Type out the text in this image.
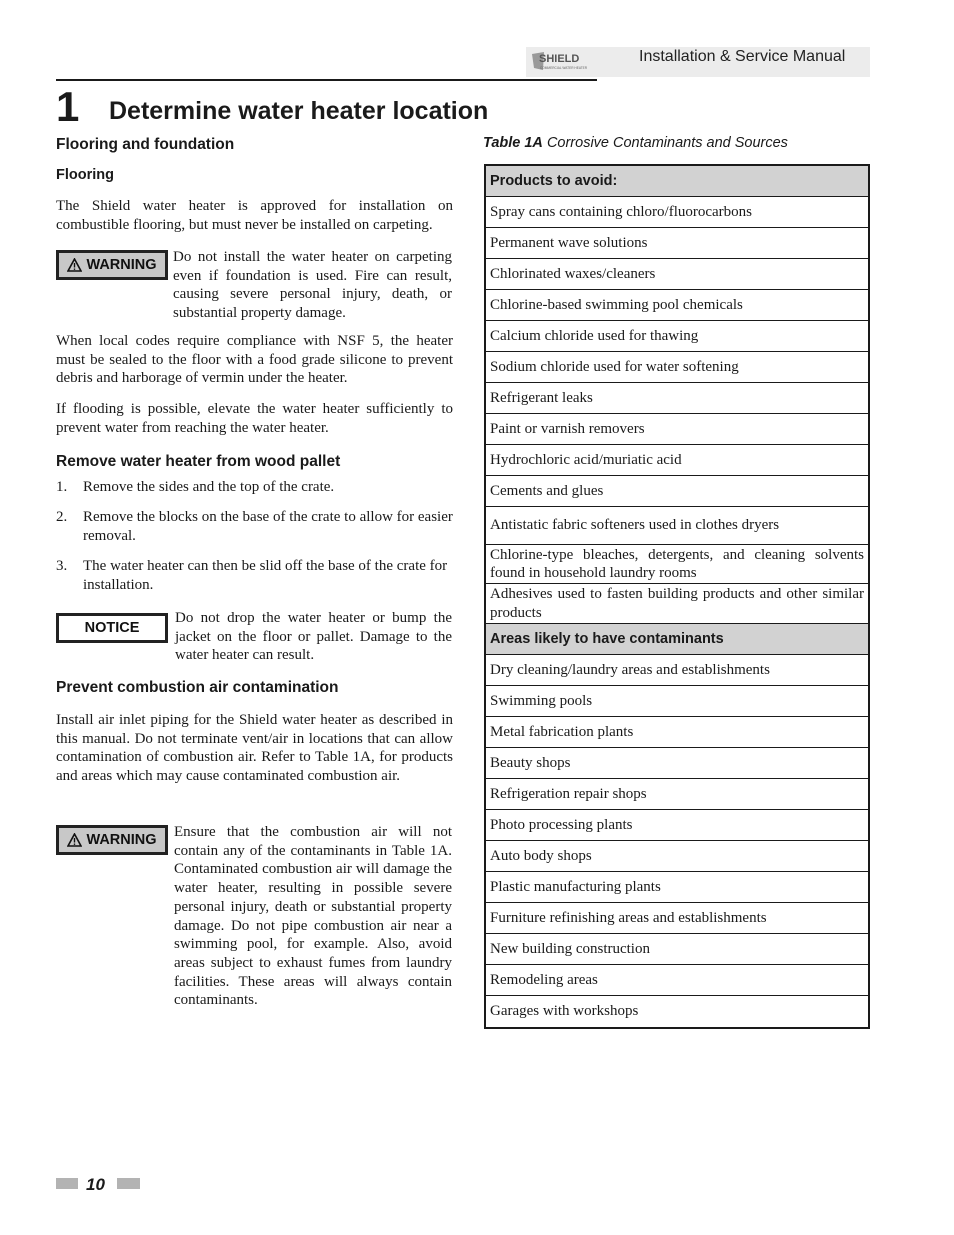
SHIELD
COMMERCIAL WATER HEATER
Installation & Service Manual
1 Determine water heater location
Flooring and foundation
Flooring

The Shield water heater is approved for installation on combustible flooring, but must never be installed on carpeting.

WARNING Do not install the water heater on carpeting even if foundation is used. Fire can result, causing severe personal injury, death, or substantial property damage.

When local codes require compliance with NSF 5, the heater must be sealed to the floor with a food grade silicone to prevent debris and harborage of vermin under the heater.

If flooding is possible, elevate the water heater sufficiently to prevent water from reaching the water heater.

Remove water heater from wood pallet
1. Remove the sides and the top of the crate.
2. Remove the blocks on the base of the crate to allow for easier removal.
3. The water heater can then be slid off the base of the crate for installation.
NOTICE

Do not drop the water heater or bump the jacket on the floor or pallet. Damage to the water heater can result.

Prevent combustion air contamination

Install air inlet piping for the Shield water heater as described in this manual. Do not terminate vent/air in locations that can allow contamination of combustion air. Refer to Table 1A, for products and areas which may cause contaminated combustion air.

WARNING Ensure that the combustion air will not contain any of the contaminants in Table 1A. Contaminated combustion air will damage the water heater, resulting in possible severe personal injury, death or substantial property damage. Do not pipe combustion air near a swimming pool, for example. Also, avoid areas subject to exhaust fumes from laundry facilities. These areas will always contain contaminants.

Table 1A Corrosive Contaminants and Sources
Products to avoid:
Spray cans containing chloro/fluorocarbons
Permanent wave solutions
Chlorinated waxes/cleaners
Chlorine-based swimming pool chemicals
Calcium chloride used for thawing
Sodium chloride used for water softening
Refrigerant leaks
Paint or varnish removers
Hydrochloric acid/muriatic acid
Cements and glues
Antistatic fabric softeners used in clothes dryers
Chlorine-type bleaches, detergents, and cleaning solvents found in household laundry rooms
Adhesives used to fasten building products and other similar products
Areas likely to have contaminants
Dry cleaning/laundry areas and establishments
Swimming pools
Metal fabrication plants
Beauty shops
Refrigeration repair shops
Photo processing plants
Auto body shops
Plastic manufacturing plants
Furniture refinishing areas and establishments
New building construction
Remodeling areas
Garages with workshops
10
